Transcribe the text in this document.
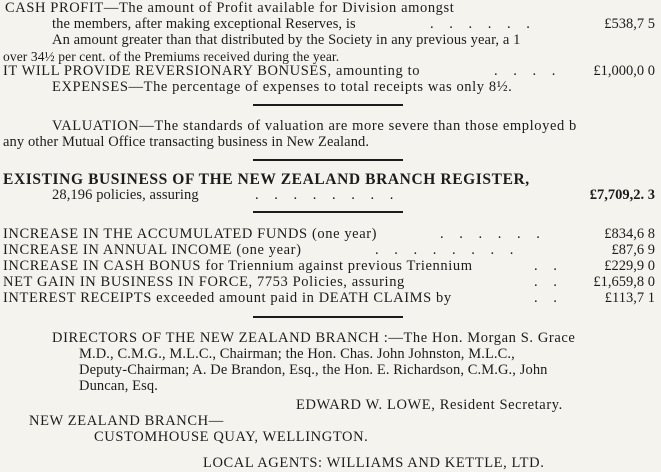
CASH PROFIT—The amount of Profit available for Division amongst
the members, after making exceptional Reserves, is	. . . . . .	£538,7 5
An amount greater than that distributed by the Society in any previous year, a 1
over 34½ per cent. of the Premiums received during the year.
IT WILL PROVIDE REVERSIONARY BONUSES, amounting to	. . . . £1,000,0 0
EXPENSES—The percentage of expenses to total receipts was only 8½.
VALUATION—The standards of valuation are more severe than those employed b
any other Mutual Office transacting business in New Zealand.
EXISTING BUSINESS OF THE NEW ZEALAND BRANCH REGISTER,
28,196 policies, assuring	. . . . . . . .	£7,709,2. 3
INCREASE IN THE ACCUMULATED FUNDS (one year)	. . . . . .	£834,6 8
INCREASE IN ANNUAL INCOME (one year)	. . . . . . . .	£87,6 9
INCREASE IN CASH BONUS for Triennium against previous Triennium	. .	£229,9 0
NET GAIN IN BUSINESS IN FORCE, 7753 Policies, assuring	. . £1,659,8 0
INTEREST RECEIPTS exceeded amount paid in DEATH CLAIMS by	. .	£113,7 1
DIRECTORS OF THE NEW ZEALAND BRANCH :—The Hon. Morgan S. Grace
M.D., C.M.G., M.L.C., Chairman; the Hon. Chas. John Johnston, M.L.C.,
Deputy-Chairman; A. De Brandon, Esq., the Hon. E. Richardson, C.M.G., John
Duncan, Esq.
EDWARD W. LOWE, Resident Secretary.
NEW ZEALAND BRANCH—
CUSTOMHOUSE QUAY, WELLINGTON.
LOCAL AGENTS: WILLIAMS AND KETTLE, LTD.
